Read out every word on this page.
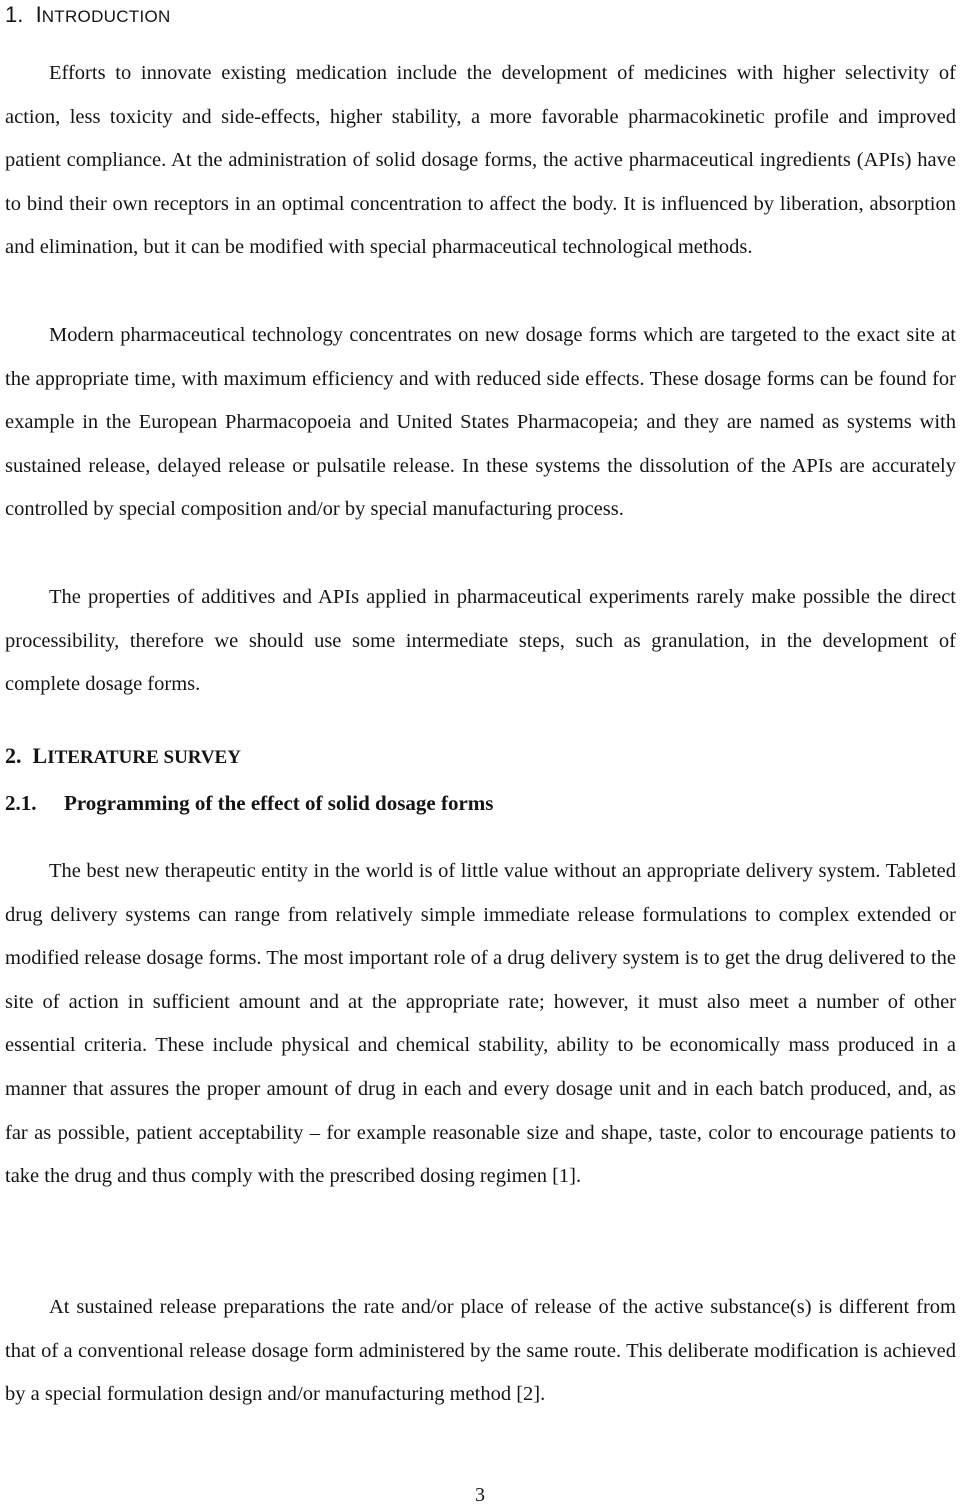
1. INTRODUCTION

Efforts to innovate existing medication include the development of medicines with higher selectivity of action, less toxicity and side-effects, higher stability, a more favorable pharmacokinetic profile and improved patient compliance. At the administration of solid dosage forms, the active pharmaceutical ingredients (APIs) have to bind their own receptors in an optimal concentration to affect the body. It is influenced by liberation, absorption and elimination, but it can be modified with special pharmaceutical technological methods.

Modern pharmaceutical technology concentrates on new dosage forms which are targeted to the exact site at the appropriate time, with maximum efficiency and with reduced side effects. These dosage forms can be found for example in the European Pharmacopoeia and United States Pharmacopeia; and they are named as systems with sustained release, delayed release or pulsatile release. In these systems the dissolution of the APIs are accurately controlled by special composition and/or by special manufacturing process.

The properties of additives and APIs applied in pharmaceutical experiments rarely make possible the direct processibility, therefore we should use some intermediate steps, such as granulation, in the development of complete dosage forms.

2. LITERATURE SURVEY
2.1. Programming of the effect of solid dosage forms

The best new therapeutic entity in the world is of little value without an appropriate delivery system. Tableted drug delivery systems can range from relatively simple immediate release formulations to complex extended or modified release dosage forms. The most important role of a drug delivery system is to get the drug delivered to the site of action in sufficient amount and at the appropriate rate; however, it must also meet a number of other essential criteria. These include physical and chemical stability, ability to be economically mass produced in a manner that assures the proper amount of drug in each and every dosage unit and in each batch produced, and, as far as possible, patient acceptability – for example reasonable size and shape, taste, color to encourage patients to take the drug and thus comply with the prescribed dosing regimen [1].

At sustained release preparations the rate and/or place of release of the active substance(s) is different from that of a conventional release dosage form administered by the same route. This deliberate modification is achieved by a special formulation design and/or manufacturing method [2].

3
